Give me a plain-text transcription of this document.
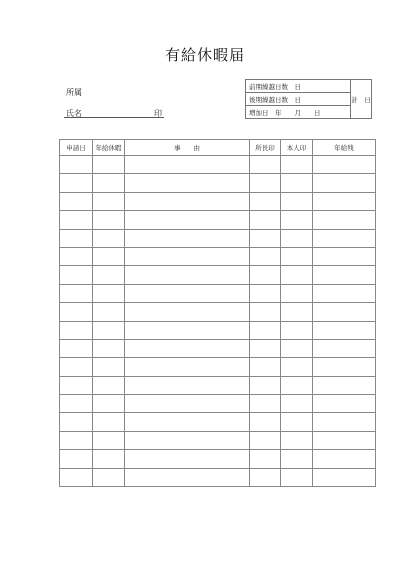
有給休暇届
所属
氏名	印
前期繰越日数　日	計　日
後期繰越日数　日
増加日　年　　月　　日
申請日	年給休暇	事　　由	所長印	本人印	年給残
